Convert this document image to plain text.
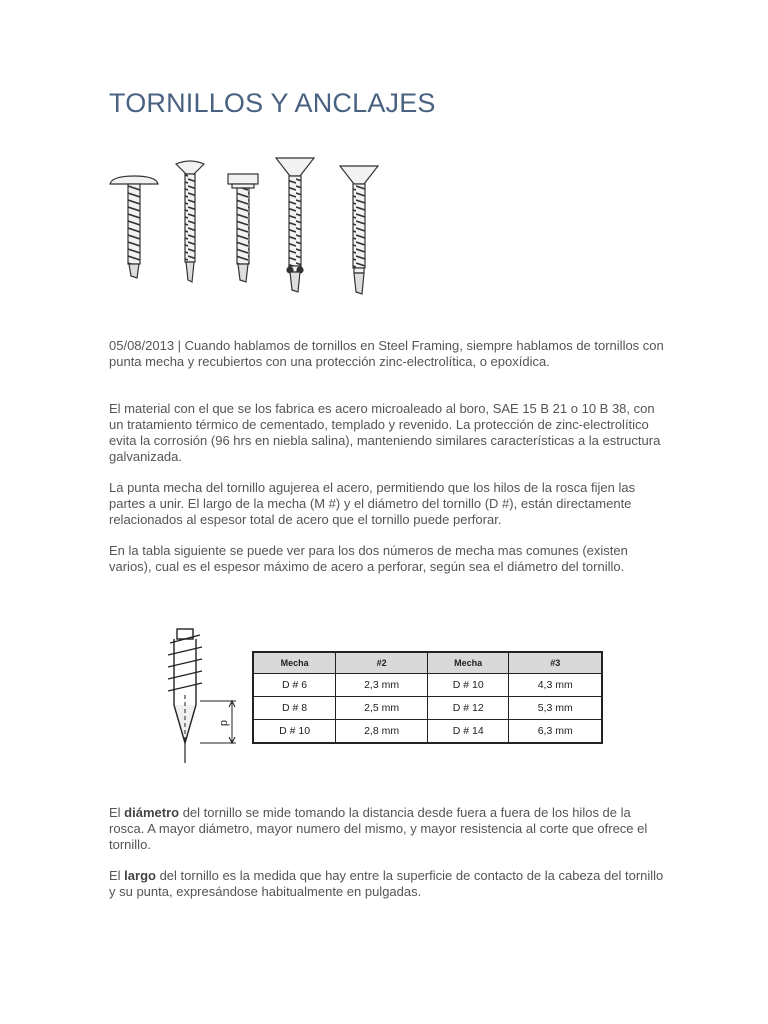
TORNILLOS Y ANCLAJES

05/08/2013 | Cuando hablamos de tornillos en Steel Framing, siempre hablamos de tornillos con punta mecha y recubiertos con una protección zinc-electrolítica, o epoxídica.

El material con el que se los fabrica es acero microaleado al boro, SAE 15 B 21 o 10 B 38, con un tratamiento térmico de cementado, templado y revenido. La protección de zinc-electrolítico evita la corrosión (96 hrs en niebla salina), manteniendo similares características a la estructura galvanizada.

La punta mecha del tornillo agujerea el acero, permitiendo que los hilos de la rosca fijen las partes a unir. El largo de la mecha (M #) y el diámetro del tornillo (D #), están directamente relacionados al espesor total de acero que el tornillo puede perforar.

En la tabla siguiente se puede ver para los dos números de mecha mas comunes (existen varios), cual es el espesor máximo de acero a perforar, según sea el diámetro del tornillo.

p
Mecha	#2	Mecha	#3
D # 6	2,3 mm	D # 10	4,3 mm
D # 8	2,5 mm	D # 12	5,3 mm
D # 10	2,8 mm	D # 14	6,3 mm

El diámetro del tornillo se mide tomando la distancia desde fuera a fuera de los hilos de la rosca. A mayor diámetro, mayor numero del mismo, y mayor resistencia al corte que ofrece el tornillo.

El largo del tornillo es la medida que hay entre la superficie de contacto de la cabeza del tornillo y su punta, expresándose habitualmente en pulgadas.
